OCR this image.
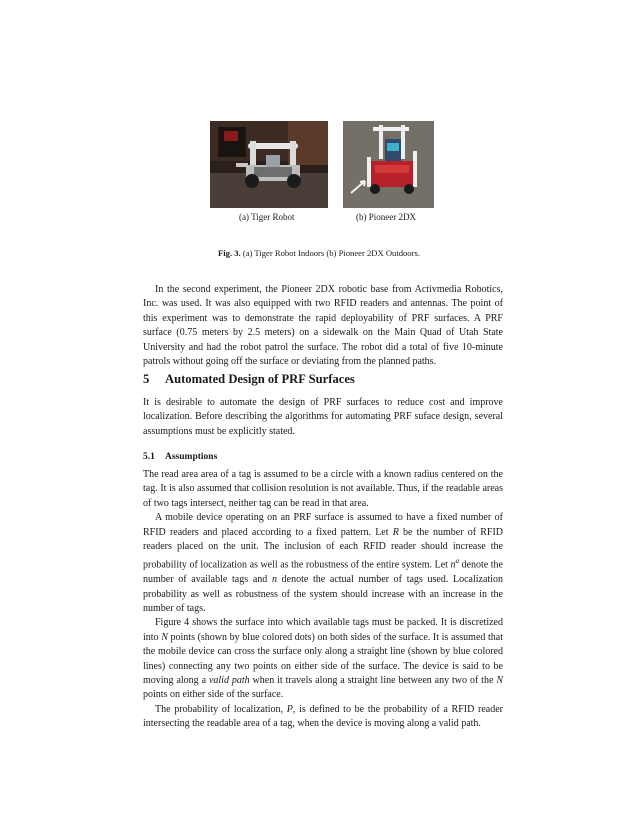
(a) Tiger Robot	(b) Pioneer 2DX
Fig. 3. (a) Tiger Robot Indoors (b) Pioneer 2DX Outdoors.

In the second experiment, the Pioneer 2DX robotic base from Activmedia Robotics, Inc. was used. It was also equipped with two RFID readers and antennas. The point of this experiment was to demonstrate the rapid deployability of PRF surfaces. A PRF surface (0.75 meters by 2.5 meters) on a sidewalk on the Main Quad of Utah State University and had the robot patrol the surface. The robot did a total of five 10-minute patrols without going off the surface or deviating from the planned paths.

5 Automated Design of PRF Surfaces

It is desirable to automate the design of PRF surfaces to reduce cost and improve localization. Before describing the algorithms for automating PRF suface design, several assumptions must be explicitly stated.

5.1 Assumptions

The read area area of a tag is assumed to be a circle with a known radius centered on the tag. It is also assumed that collision resolution is not available. Thus, if the readable areas of two tags intersect, neither tag can be read in that area.

A mobile device operating on an PRF surface is assumed to have a fixed number of RFID readers and placed according to a fixed pattern. Let R be the number of RFID readers placed on the unit. The inclusion of each RFID reader should increase the probability of localization as well as the robustness of the entire system. Let $n^a$ denote the number of available tags and n denote the actual number of tags used. Localization probability as well as robustness of the system should increase with an increase in the number of tags.

Figure 4 shows the surface into which available tags must be packed. It is discretized into N points (shown by blue colored dots) on both sides of the surface. It is assumed that the mobile device can cross the surface only along a straight line (shown by blue colored lines) connecting any two points on either side of the surface. The device is said to be moving along a valid path when it travels along a straight line between any two of the N points on either side of the surface.

The probability of localization, P, is defined to be the probability of a RFID reader intersecting the readable area of a tag, when the device is moving along a valid path.
